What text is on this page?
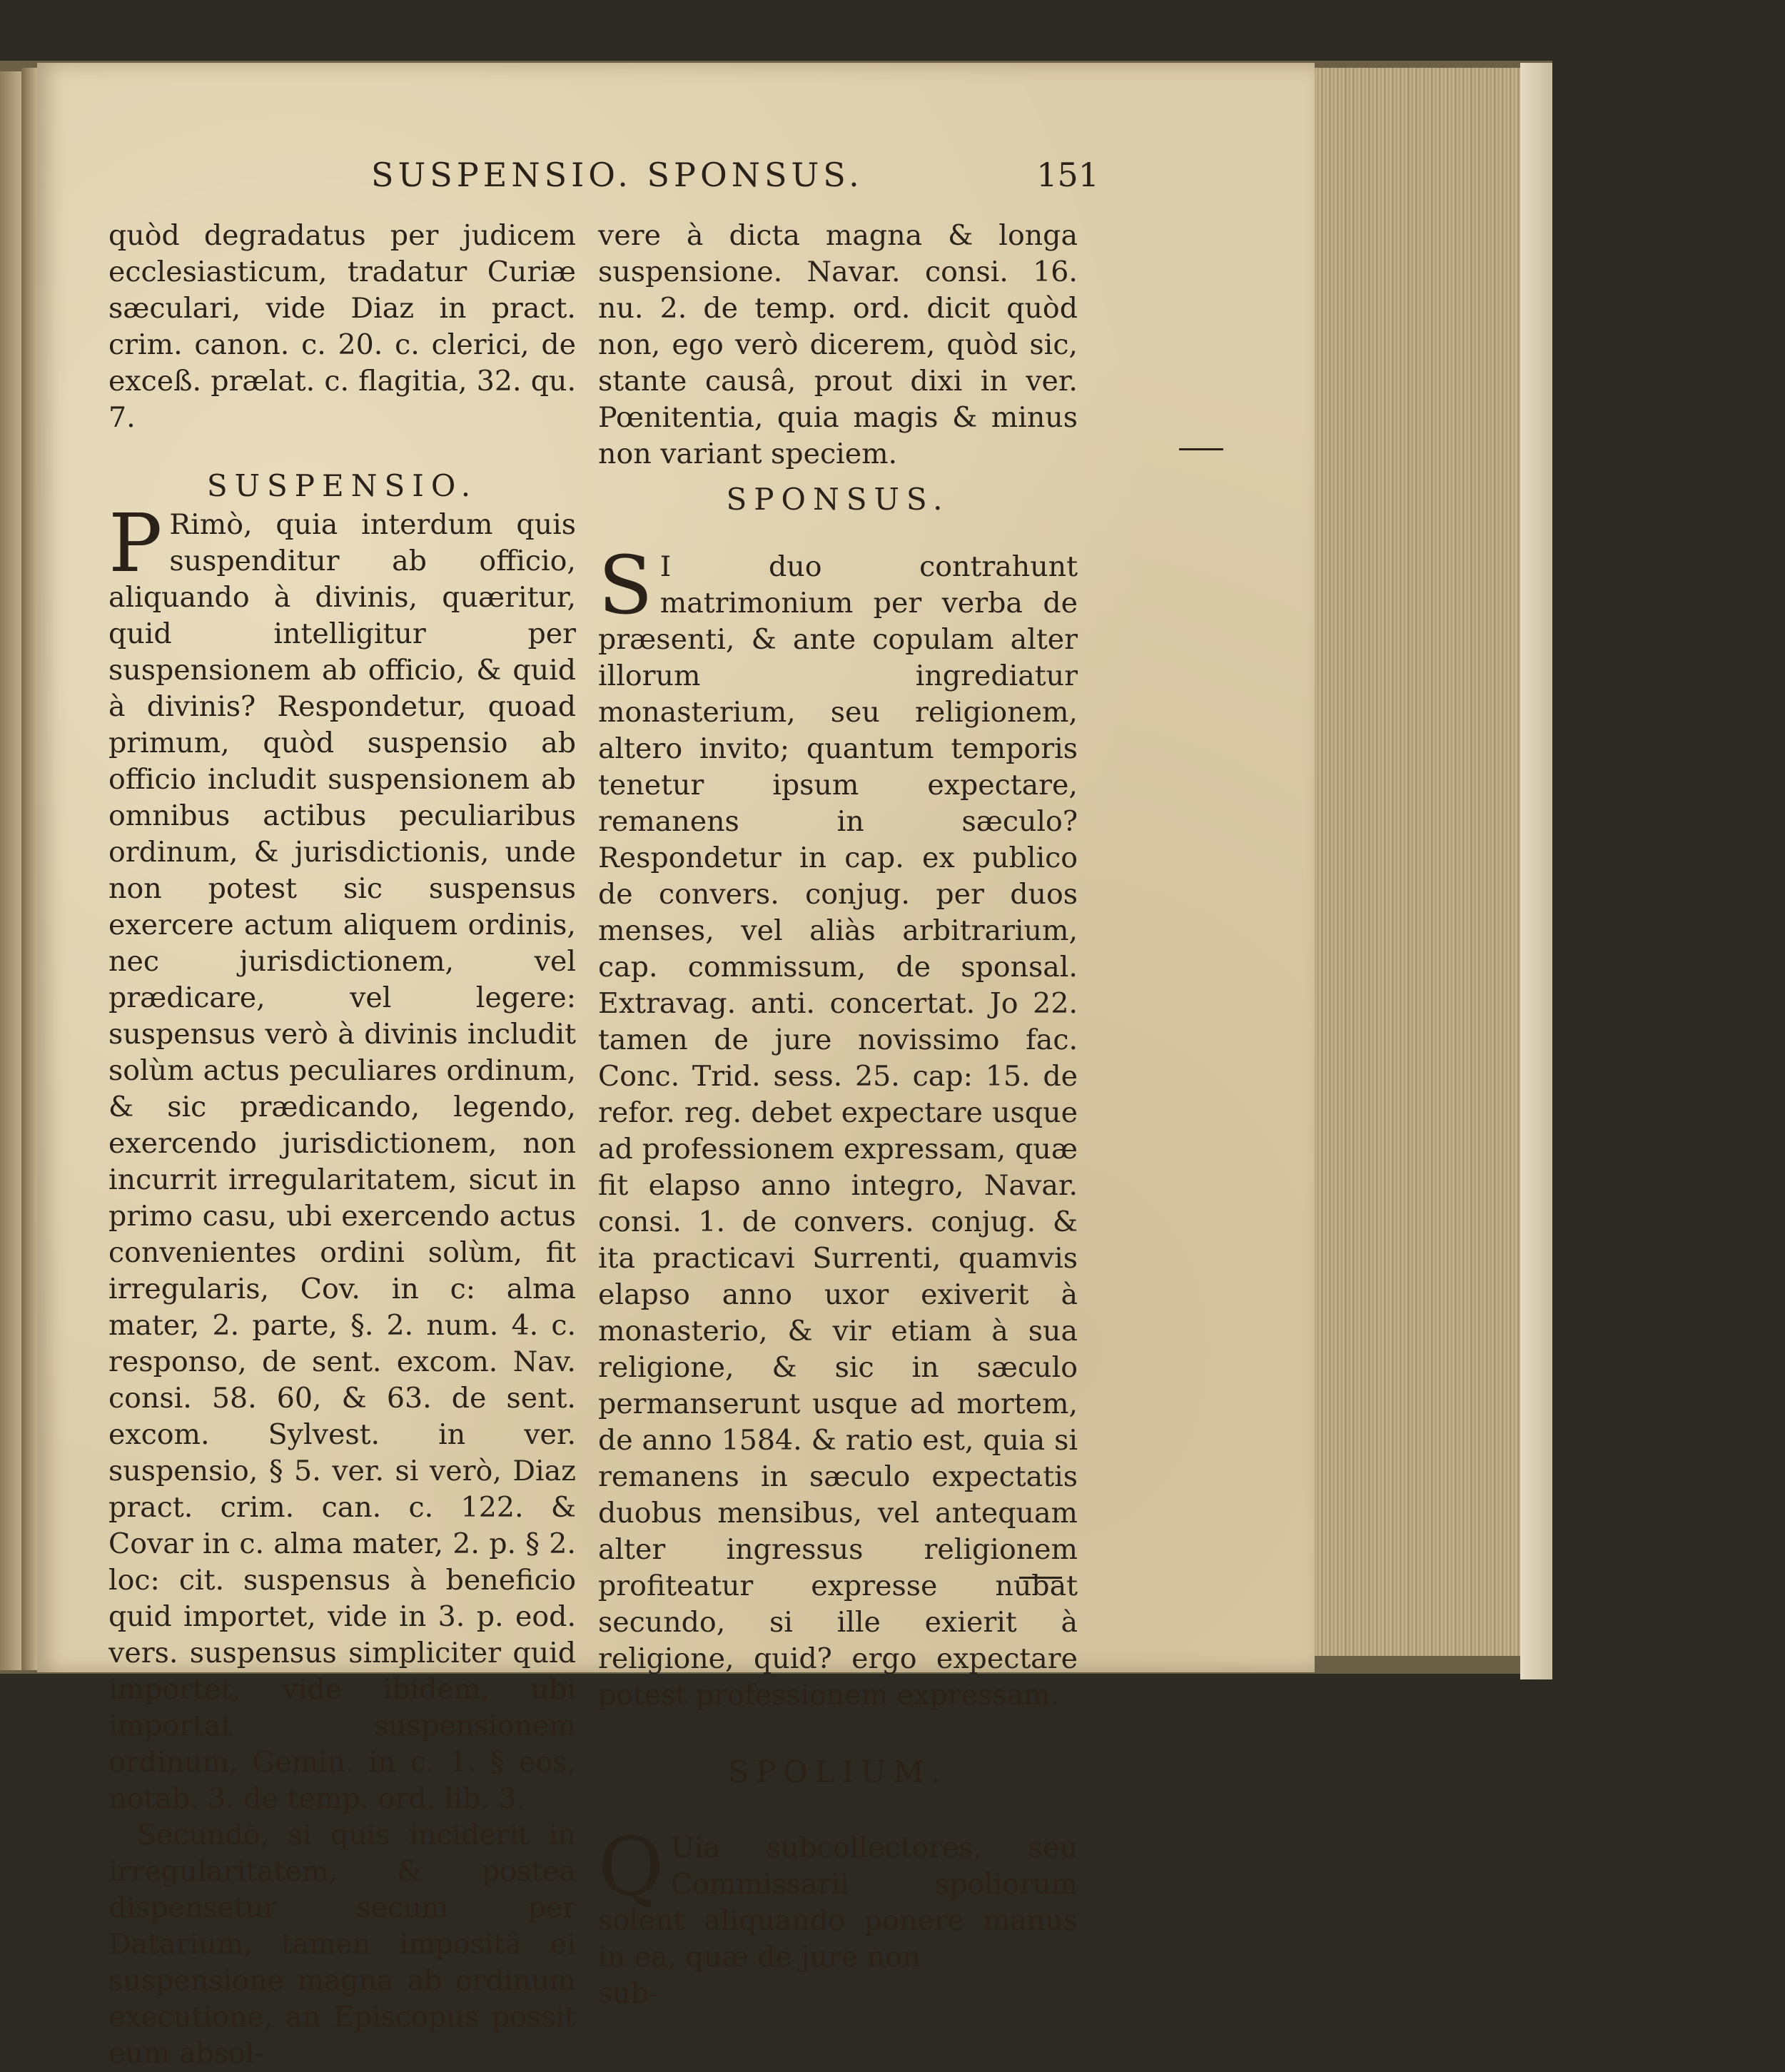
SUSPENSIO. SPONSUS.	151

quòd degradatus per judicem ecclesiasticum, tradatur Curiæ sæculari, vide Diaz in pract. crim. canon. c. 20. c. clerici, de exceß. prælat. c. flagitia, 32. qu. 7.

SUSPENSIO.

P Rimò, quia interdum quis suspenditur ab officio, aliquando à divinis, quæritur, quid intelligitur per suspensionem ab officio, & quid à divinis? Respondetur, quoad primum, quòd suspensio ab officio includit suspensionem ab omnibus actibus peculiaribus ordinum, & jurisdictionis, unde non potest sic suspensus exercere actum aliquem ordinis, nec jurisdictionem, vel prædicare, vel legere: suspensus verò à divinis includit solùm actus peculiares ordinum, & sic prædicando, legendo, exercendo jurisdictionem, non incurrit irregularitatem, sicut in primo casu, ubi exercendo actus convenientes ordini solùm, fit irregularis, Cov. in c: alma mater, 2. parte, §. 2. num. 4. c. responso, de sent. excom. Nav. consi. 58. 60, & 63. de sent. excom. Sylvest. in ver. suspensio, § 5. ver. si verò, Diaz pract. crim. can. c. 122. & Covar in c. alma mater, 2. p. § 2. loc: cit. suspensus à beneficio quid importet, vide in 3. p. eod. vers. suspensus simpliciter quid importet, vide ibidem, ubi importat suspensionem ordinum, Gemin. in c. 1. § eos, notab. 3. de temp. ord. lib. 3.

Secundò, si quis inciderit in irregularitatem, & postea dispensetur secum per Datarium, tamen impositâ ei suspensione magna ab ordinum executione, an Episcopus possit eum absol-

vere à dicta magna & longa suspensione. Navar. consi. 16. nu. 2. de temp. ord. dicit quòd non, ego verò dicerem, quòd sic, stante causâ, prout dixi in ver. Pœnitentia, quia magis & minus non variant speciem.

SPONSUS.

S I duo contrahunt matrimonium per verba de præsenti, & ante copulam alter illorum ingrediatur monasterium, seu religionem, altero invito; quantum temporis tenetur ipsum expectare, remanens in sæculo? Respondetur in cap. ex publico de convers. conjug. per duos menses, vel aliàs arbitrarium, cap. commissum, de sponsal. Extravag. anti. concertat. Jo 22. tamen de jure novissimo fac. Conc. Trid. sess. 25. cap: 15. de refor. reg. debet expectare usque ad professionem expressam, quæ fit elapso anno integro, Navar. consi. 1. de convers. conjug. & ita practicavi Surrenti, quamvis elapso anno uxor exiverit à monasterio, & vir etiam à sua religione, & sic in sæculo permanserunt usque ad mortem, de anno 1584. & ratio est, quia si remanens in sæculo expectatis duobus mensibus, vel antequam alter ingressus religionem profiteatur expresse nubat secundo, si ille exierit à religione, quid? ergo expectare potest professionem expressam.

SPOLIUM.

Q Uia subcollectores, seu Commissarii spoliorum solent aliquando ponere manus in ea, quæ de jure non

sub-
